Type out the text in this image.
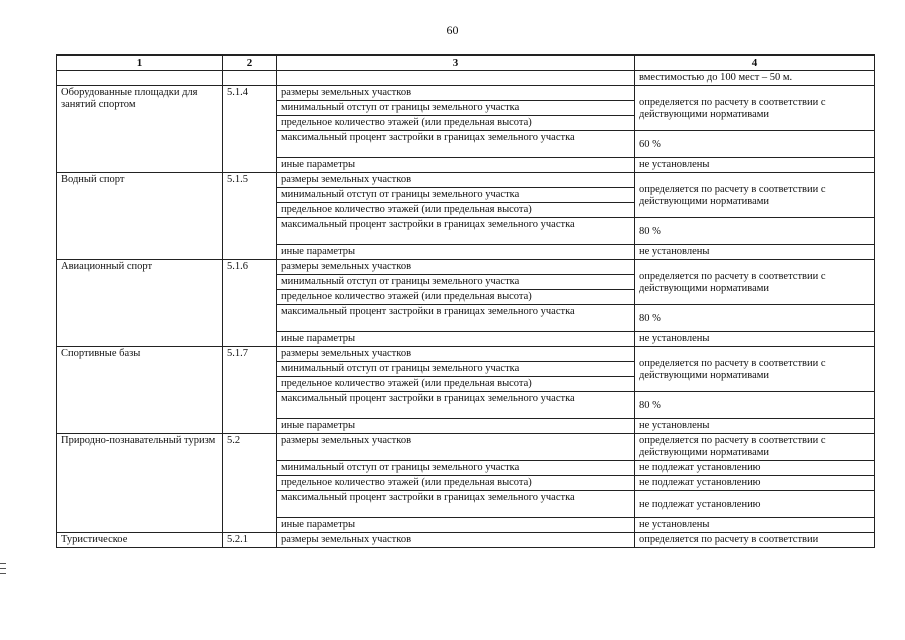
60
1	2	3	4
			вместимостью до 100 мест – 50 м.
Оборудованные площадки для занятий спортом	5.1.4	размеры земельных участков	определяется по расчету в соответствии с действующими нормативами
		минимальный отступ от границы земельного участка	
		предельное количество этажей (или предельная высота)	
		максимальный процент застройки в границах земельного участка	60 %
		иные параметры	не установлены
Водный спорт	5.1.5	размеры земельных участков	определяется по расчету в соответствии с действующими нормативами
		минимальный отступ от границы земельного участка	
		предельное количество этажей (или предельная высота)	
		максимальный процент застройки в границах земельного участка	80 %
		иные параметры	не установлены
Авиационный спорт	5.1.6	размеры земельных участков	определяется по расчету в соответствии с действующими нормативами
		минимальный отступ от границы земельного участка	
		предельное количество этажей (или предельная высота)	
		максимальный процент застройки в границах земельного участка	80 %
		иные параметры	не установлены
Спортивные базы	5.1.7	размеры земельных участков	определяется по расчету в соответствии с действующими нормативами
		минимальный отступ от границы земельного участка	
		предельное количество этажей (или предельная высота)	
		максимальный процент застройки в границах земельного участка	80 %
		иные параметры	не установлены
Природно-познавательный туризм	5.2	размеры земельных участков	определяется по расчету в соответствии с действующими нормативами
		минимальный отступ от границы земельного участка	не подлежат установлению
		предельное количество этажей (или предельная высота)	не подлежат установлению
		максимальный процент застройки в границах земельного участка	не подлежат установлению
		иные параметры	не установлены
Туристическое	5.2.1	размеры земельных участков	определяется по расчету в соответствии
